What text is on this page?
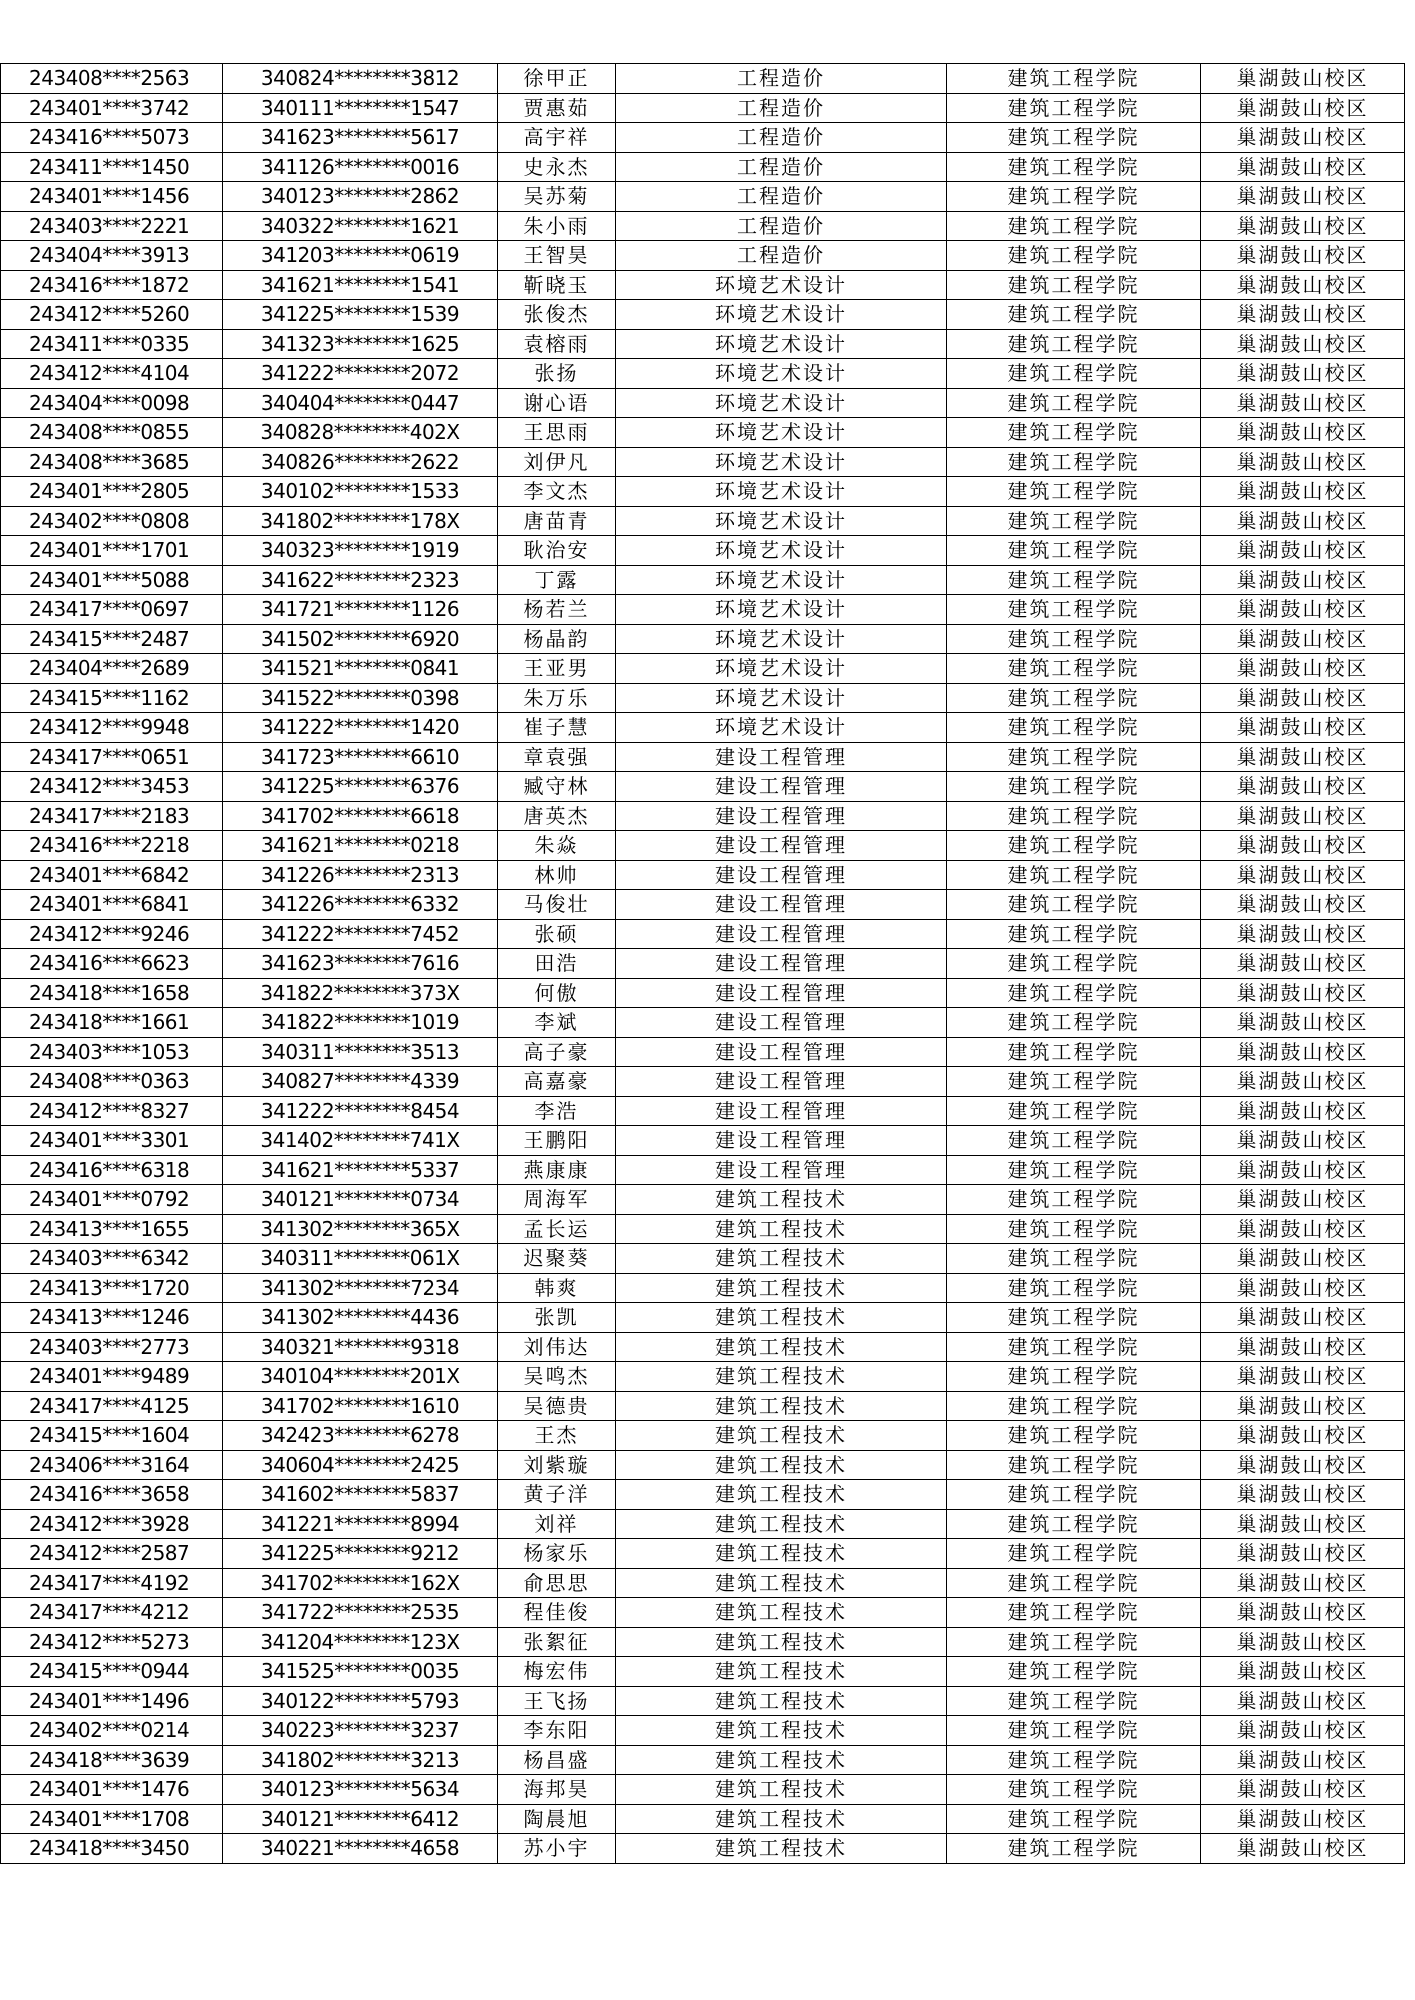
243408****2563	340824********3812	徐甲正	工程造价	建筑工程学院	巢湖鼓山校区
243401****3742	340111********1547	贾惠茹	工程造价	建筑工程学院	巢湖鼓山校区
243416****5073	341623********5617	高宇祥	工程造价	建筑工程学院	巢湖鼓山校区
243411****1450	341126********0016	史永杰	工程造价	建筑工程学院	巢湖鼓山校区
243401****1456	340123********2862	吴苏菊	工程造价	建筑工程学院	巢湖鼓山校区
243403****2221	340322********1621	朱小雨	工程造价	建筑工程学院	巢湖鼓山校区
243404****3913	341203********0619	王智昊	工程造价	建筑工程学院	巢湖鼓山校区
243416****1872	341621********1541	靳晓玉	环境艺术设计	建筑工程学院	巢湖鼓山校区
243412****5260	341225********1539	张俊杰	环境艺术设计	建筑工程学院	巢湖鼓山校区
243411****0335	341323********1625	袁榕雨	环境艺术设计	建筑工程学院	巢湖鼓山校区
243412****4104	341222********2072	张扬	环境艺术设计	建筑工程学院	巢湖鼓山校区
243404****0098	340404********0447	谢心语	环境艺术设计	建筑工程学院	巢湖鼓山校区
243408****0855	340828********402X	王思雨	环境艺术设计	建筑工程学院	巢湖鼓山校区
243408****3685	340826********2622	刘伊凡	环境艺术设计	建筑工程学院	巢湖鼓山校区
243401****2805	340102********1533	李文杰	环境艺术设计	建筑工程学院	巢湖鼓山校区
243402****0808	341802********178X	唐苗青	环境艺术设计	建筑工程学院	巢湖鼓山校区
243401****1701	340323********1919	耿治安	环境艺术设计	建筑工程学院	巢湖鼓山校区
243401****5088	341622********2323	丁露	环境艺术设计	建筑工程学院	巢湖鼓山校区
243417****0697	341721********1126	杨若兰	环境艺术设计	建筑工程学院	巢湖鼓山校区
243415****2487	341502********6920	杨晶韵	环境艺术设计	建筑工程学院	巢湖鼓山校区
243404****2689	341521********0841	王亚男	环境艺术设计	建筑工程学院	巢湖鼓山校区
243415****1162	341522********0398	朱万乐	环境艺术设计	建筑工程学院	巢湖鼓山校区
243412****9948	341222********1420	崔子慧	环境艺术设计	建筑工程学院	巢湖鼓山校区
243417****0651	341723********6610	章袁强	建设工程管理	建筑工程学院	巢湖鼓山校区
243412****3453	341225********6376	臧守林	建设工程管理	建筑工程学院	巢湖鼓山校区
243417****2183	341702********6618	唐英杰	建设工程管理	建筑工程学院	巢湖鼓山校区
243416****2218	341621********0218	朱焱	建设工程管理	建筑工程学院	巢湖鼓山校区
243401****6842	341226********2313	林帅	建设工程管理	建筑工程学院	巢湖鼓山校区
243401****6841	341226********6332	马俊壮	建设工程管理	建筑工程学院	巢湖鼓山校区
243412****9246	341222********7452	张硕	建设工程管理	建筑工程学院	巢湖鼓山校区
243416****6623	341623********7616	田浩	建设工程管理	建筑工程学院	巢湖鼓山校区
243418****1658	341822********373X	何傲	建设工程管理	建筑工程学院	巢湖鼓山校区
243418****1661	341822********1019	李斌	建设工程管理	建筑工程学院	巢湖鼓山校区
243403****1053	340311********3513	高子豪	建设工程管理	建筑工程学院	巢湖鼓山校区
243408****0363	340827********4339	高嘉豪	建设工程管理	建筑工程学院	巢湖鼓山校区
243412****8327	341222********8454	李浩	建设工程管理	建筑工程学院	巢湖鼓山校区
243401****3301	341402********741X	王鹏阳	建设工程管理	建筑工程学院	巢湖鼓山校区
243416****6318	341621********5337	燕康康	建设工程管理	建筑工程学院	巢湖鼓山校区
243401****0792	340121********0734	周海军	建筑工程技术	建筑工程学院	巢湖鼓山校区
243413****1655	341302********365X	孟长运	建筑工程技术	建筑工程学院	巢湖鼓山校区
243403****6342	340311********061X	迟聚葵	建筑工程技术	建筑工程学院	巢湖鼓山校区
243413****1720	341302********7234	韩爽	建筑工程技术	建筑工程学院	巢湖鼓山校区
243413****1246	341302********4436	张凯	建筑工程技术	建筑工程学院	巢湖鼓山校区
243403****2773	340321********9318	刘伟达	建筑工程技术	建筑工程学院	巢湖鼓山校区
243401****9489	340104********201X	吴鸣杰	建筑工程技术	建筑工程学院	巢湖鼓山校区
243417****4125	341702********1610	吴德贵	建筑工程技术	建筑工程学院	巢湖鼓山校区
243415****1604	342423********6278	王杰	建筑工程技术	建筑工程学院	巢湖鼓山校区
243406****3164	340604********2425	刘紫璇	建筑工程技术	建筑工程学院	巢湖鼓山校区
243416****3658	341602********5837	黄子洋	建筑工程技术	建筑工程学院	巢湖鼓山校区
243412****3928	341221********8994	刘祥	建筑工程技术	建筑工程学院	巢湖鼓山校区
243412****2587	341225********9212	杨家乐	建筑工程技术	建筑工程学院	巢湖鼓山校区
243417****4192	341702********162X	俞思思	建筑工程技术	建筑工程学院	巢湖鼓山校区
243417****4212	341722********2535	程佳俊	建筑工程技术	建筑工程学院	巢湖鼓山校区
243412****5273	341204********123X	张絮征	建筑工程技术	建筑工程学院	巢湖鼓山校区
243415****0944	341525********0035	梅宏伟	建筑工程技术	建筑工程学院	巢湖鼓山校区
243401****1496	340122********5793	王飞扬	建筑工程技术	建筑工程学院	巢湖鼓山校区
243402****0214	340223********3237	李东阳	建筑工程技术	建筑工程学院	巢湖鼓山校区
243418****3639	341802********3213	杨昌盛	建筑工程技术	建筑工程学院	巢湖鼓山校区
243401****1476	340123********5634	海邦昊	建筑工程技术	建筑工程学院	巢湖鼓山校区
243401****1708	340121********6412	陶晨旭	建筑工程技术	建筑工程学院	巢湖鼓山校区
243418****3450	340221********4658	苏小宇	建筑工程技术	建筑工程学院	巢湖鼓山校区
